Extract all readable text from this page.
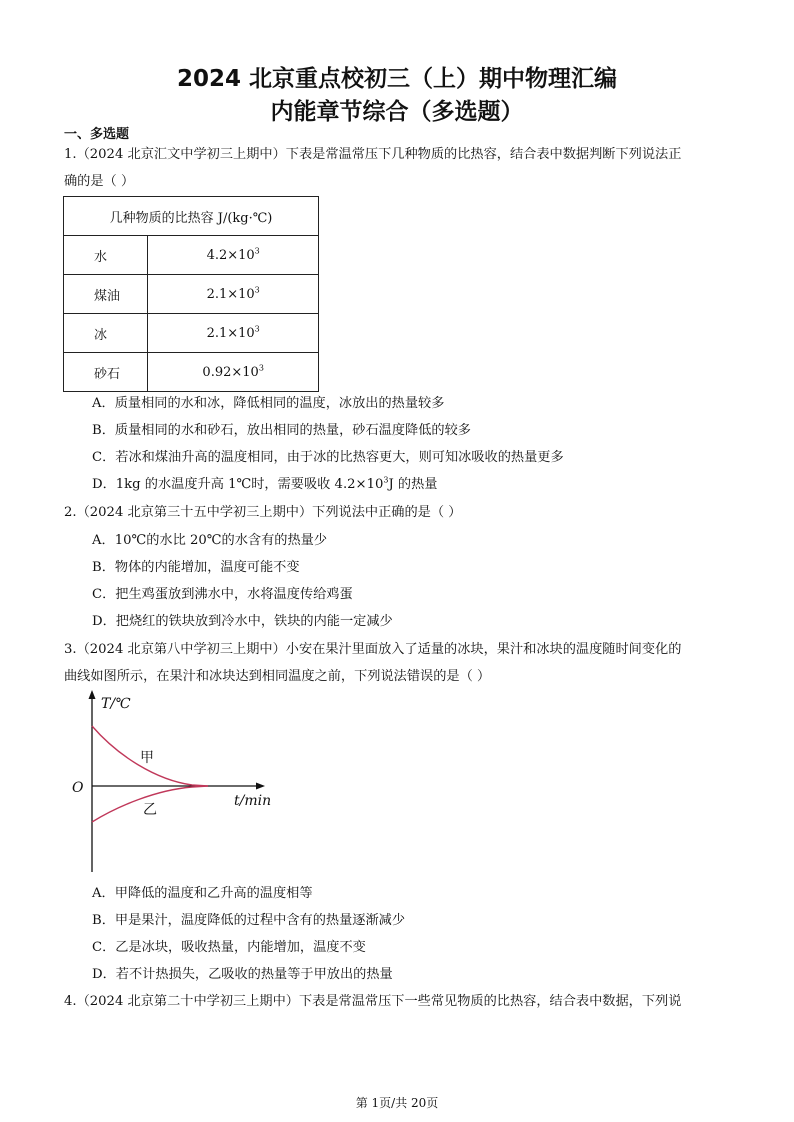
2024 北京重点校初三（上）期中物理汇编
内能章节综合（多选题）
一、多选题
1.（2024 北京汇文中学初三上期中）下表是常温常压下几种物质的比热容，结合表中数据判断下列说法正
确的是（ ）
几种物质的比热容 J/(kg·℃)	
水	$4.2\times 10^3$
煤油	$2.1\times 10^3$
冰	$2.1\times 10^3$
砂石	$0.92\times 10^3$
A．质量相同的水和冰，降低相同的温度，冰放出的热量较多
B．质量相同的水和砂石，放出相同的热量，砂石温度降低的较多
C．若冰和煤油升高的温度相同，由于冰的比热容更大，则可知冰吸收的热量更多
D．1kg 的水温度升高 1℃时，需要吸收 $4.2\times 10^3J$ 的热量
2.（2024 北京第三十五中学初三上期中）下列说法中正确的是（ ）
A．10℃的水比 20℃的水含有的热量少
B．物体的内能增加，温度可能不变
C．把生鸡蛋放到沸水中，水将温度传给鸡蛋
D．把烧红的铁块放到冷水中，铁块的内能一定减少
3.（2024 北京第八中学初三上期中）小安在果汁里面放入了适量的冰块，果汁和冰块的温度随时间变化的
曲线如图所示，在果汁和冰块达到相同温度之前，下列说法错误的是（ ）
T/℃
t/min
O
甲
乙
A．甲降低的温度和乙升高的温度相等
B．甲是果汁，温度降低的过程中含有的热量逐渐减少
C．乙是冰块，吸收热量，内能增加，温度不变
D．若不计热损失，乙吸收的热量等于甲放出的热量
4.（2024 北京第二十中学初三上期中）下表是常温常压下一些常见物质的比热容，结合表中数据，下列说
第 1页/共 20页
